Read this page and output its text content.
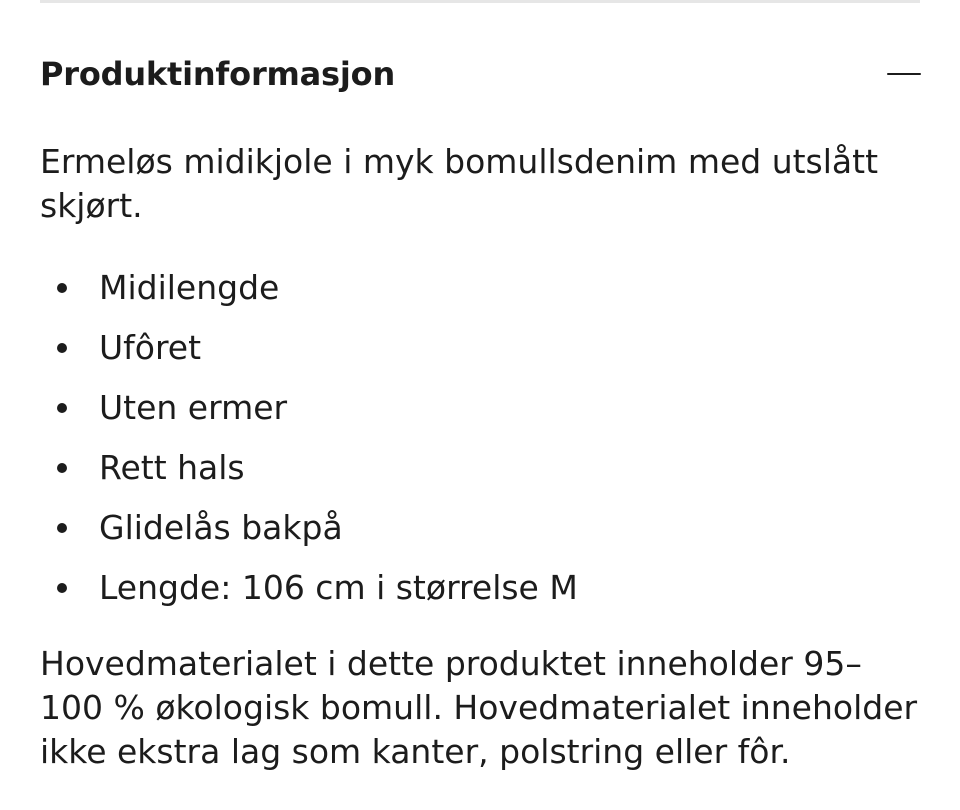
Produktinformasjon

Ermeløs midikjole i myk bomullsdenim med utslått skjørt.

Midilengde
Ufôret
Uten ermer
Rett hals
Glidelås bakpå
Lengde: 106 cm i størrelse M

Hovedmaterialet i dette produktet inneholder 95–100 % økologisk bomull. Hovedmaterialet inneholder ikke ekstra lag som kanter, polstring eller fôr.
